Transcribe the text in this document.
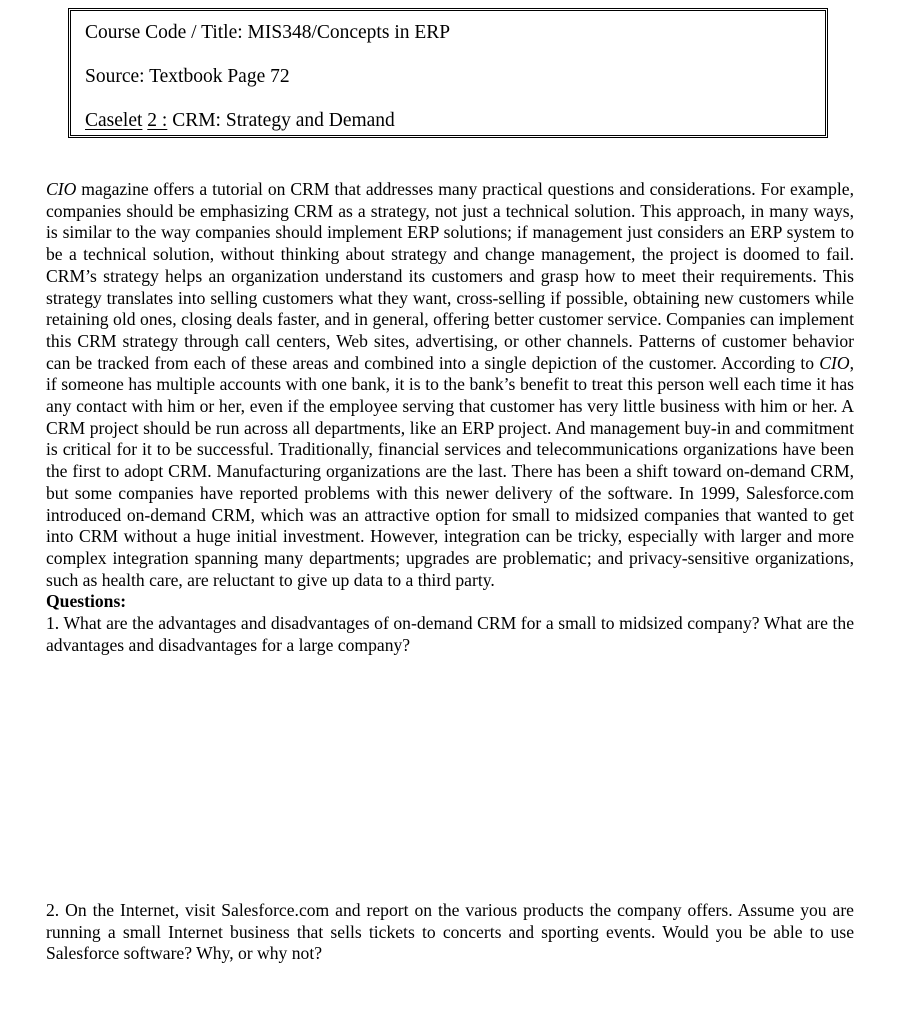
Course Code / Title: MIS348/Concepts in ERP
Source: Textbook Page 72
Caselet 2 : CRM: Strategy and Demand

CIO magazine offers a tutorial on CRM that addresses many practical questions and considerations. For example, companies should be emphasizing CRM as a strategy, not just a technical solution. This approach, in many ways, is similar to the way companies should implement ERP solutions; if management just considers an ERP system to be a technical solution, without thinking about strategy and change management, the project is doomed to fail. CRM’s strategy helps an organization understand its customers and grasp how to meet their requirements. This strategy translates into selling customers what they want, cross-selling if possible, obtaining new customers while retaining old ones, closing deals faster, and in general, offering better customer service. Companies can implement this CRM strategy through call centers, Web sites, advertising, or other channels. Patterns of customer behavior can be tracked from each of these areas and combined into a single depiction of the customer. According to CIO, if someone has multiple accounts with one bank, it is to the bank’s benefit to treat this person well each time it has any contact with him or her, even if the employee serving that customer has very little business with him or her. A CRM project should be run across all departments, like an ERP project. And management buy-in and commitment is critical for it to be successful. Traditionally, financial services and telecommunications organizations have been the first to adopt CRM. Manufacturing organizations are the last. There has been a shift toward on-demand CRM, but some companies have reported problems with this newer delivery of the software. In 1999, Salesforce.com introduced on-demand CRM, which was an attractive option for small to midsized companies that wanted to get into CRM without a huge initial investment. However, integration can be tricky, especially with larger and more complex integration spanning many departments; upgrades are problematic; and privacy-sensitive organizations, such as health care, are reluctant to give up data to a third party.

Questions:

1. What are the advantages and disadvantages of on-demand CRM for a small to midsized company? What are the advantages and disadvantages for a large company?

2. On the Internet, visit Salesforce.com and report on the various products the company offers. Assume you are running a small Internet business that sells tickets to concerts and sporting events. Would you be able to use Salesforce software? Why, or why not?
